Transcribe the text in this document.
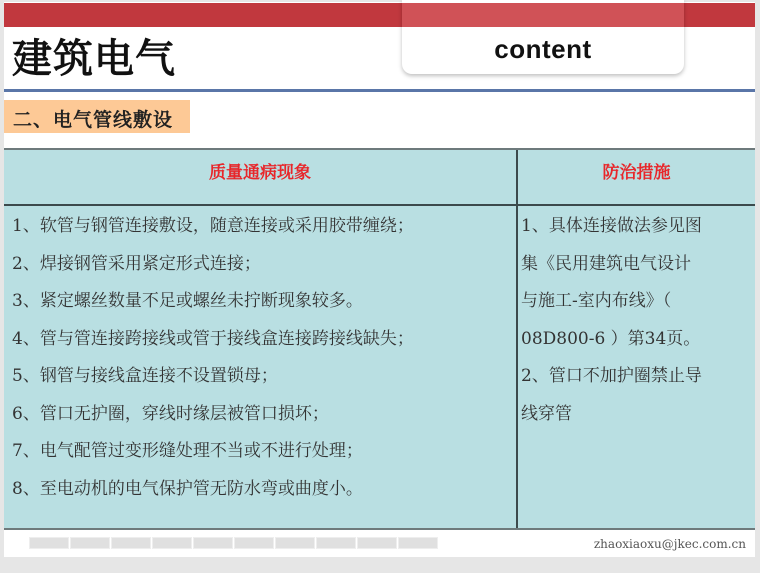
content
建筑电气
二、电气管线敷设
质量通病现象	防治措施
1、软管与钢管连接敷设，随意连接或采用胶带缠绕；
2、焊接钢管采用紧定形式连接；
3、紧定螺丝数量不足或螺丝未拧断现象较多。
4、管与管连接跨接线或管于接线盒连接跨接线缺失；
5、钢管与接线盒连接不设置锁母；
6、管口无护圈，穿线时缘层被管口损坏；
7、电气配管过变形缝处理不当或不进行处理；
8、至电动机的电气保护管无防水弯或曲度小。
1、具体连接做法参见图
集《民用建筑电气设计
与施工-室内布线》（
08D800-6 ）第34页。
2、管口不加护圈禁止导
线穿管
zhaoxiaoxu@jkec.com.cn
